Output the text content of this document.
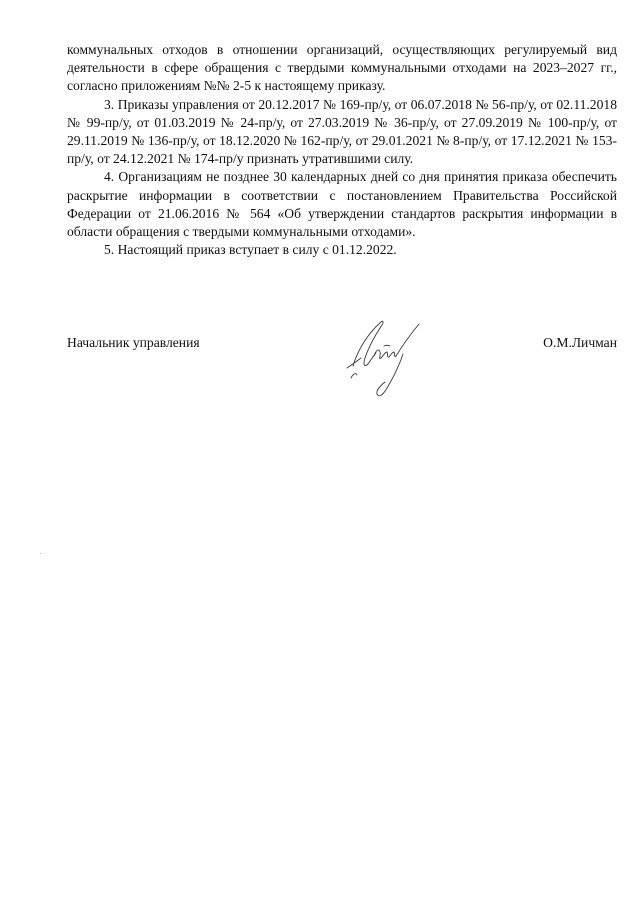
коммунальных отходов в отношении организаций, осуществляющих регулируемый вид деятельности в сфере обращения с твердыми коммунальными отходами на 2023–2027 гг., согласно приложениям №№ 2-5 к настоящему приказу.

3. Приказы управления от 20.12.2017 № 169-пр/у, от 06.07.2018 № 56-пр/у, от 02.11.2018 № 99-пр/у, от 01.03.2019 № 24-пр/у, от 27.03.2019 № 36-пр/у, от 27.09.2019 № 100-пр/у, от 29.11.2019 № 136-пр/у, от 18.12.2020 № 162-пр/у, от 29.01.2021 № 8-пр/у, от 17.12.2021 № 153-пр/у, от 24.12.2021 № 174-пр/у признать утратившими силу.

4. Организациям не позднее 30 календарных дней со дня принятия приказа обеспечить раскрытие информации в соответствии с постановлением Правительства Российской Федерации от 21.06.2016 № 564 «Об утверждении стандартов раскрытия информации в области обращения с твердыми коммунальными отходами».

5. Настоящий приказ вступает в силу с 01.12.2022.

Начальник управления	О.М.Личман
